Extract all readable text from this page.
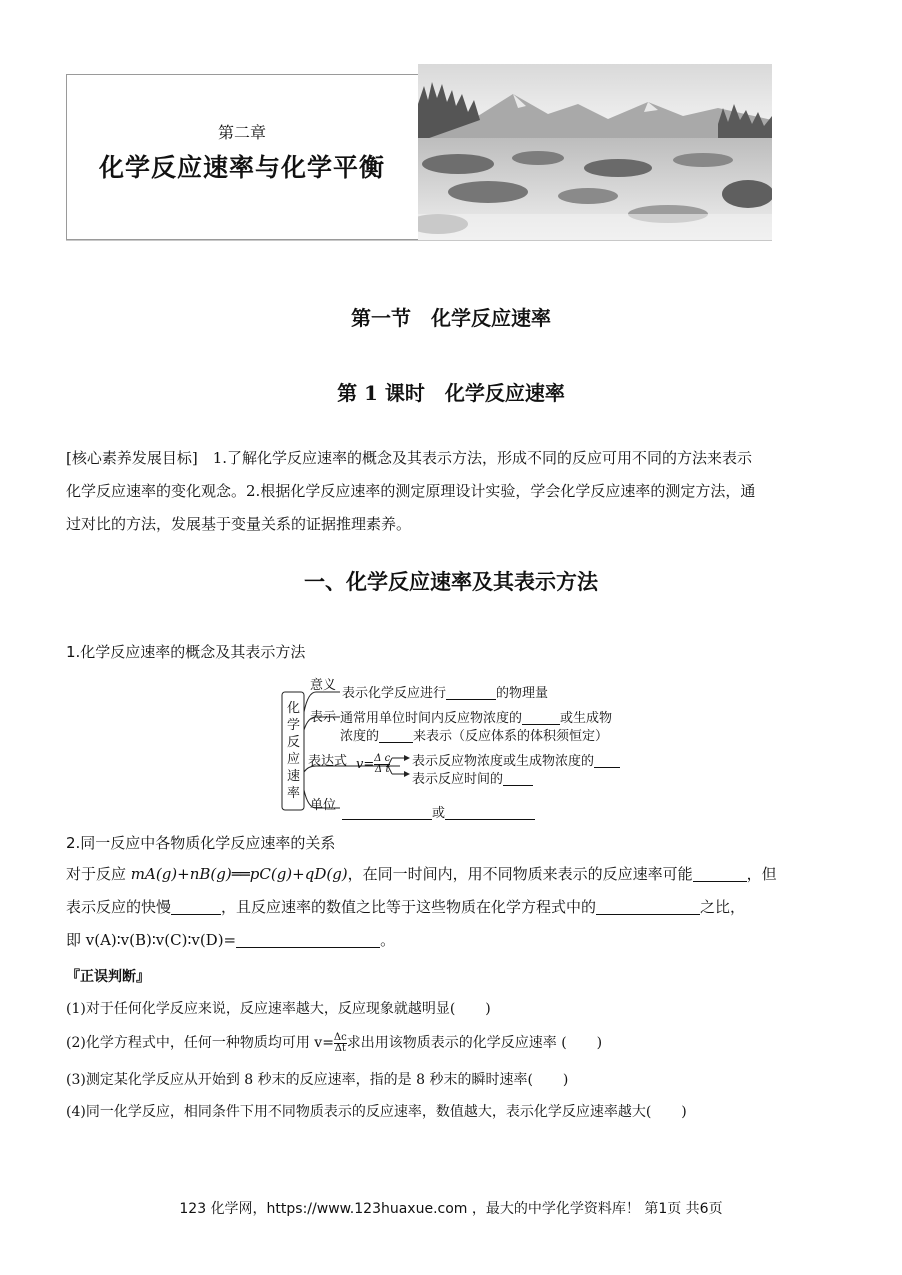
第二章
化学反应速率与化学平衡
第一节　化学反应速率
第 1 课时　化学反应速率
[核心素养发展目标]　1.了解化学反应速率的概念及其表示方法，形成不同的反应可用不同的方法来表示
化学反应速率的变化观念。2.根据化学反应速率的测定原理设计实验，学会化学反应速率的测定方法，通
过对比的方法，发展基于变量关系的证据推理素养。
一、化学反应速率及其表示方法
1.化学反应速率的概念及其表示方法
化
学
反
应
速
率
意义
表示化学反应进行	的物理量
表示 通常用单位时间内反应物浓度的	或生成物
浓度的	来表示（反应体系的体积须恒定）
表达式 $v= \frac{\text{Δ c}}{\text{Δ t}}$ 表示反应物浓度或生成物浓度的
表示反应时间的
单位
或
2.同一反应中各物质化学反应速率的关系
对于反应 mA(g)+nB(g)══pC(g)+qD(g)，在同一时间内，用不同物质来表示的反应速率可能	，但
表示反应的快慢	，且反应速率的数值之比等于这些物质在化学方程式中的	之比，
即 v(A)∶v(B)∶v(C)∶v(D)=	。
『正误判断』
(1)对于任何化学反应来说，反应速率越大，反应现象就越明显( )
(2)化学方程式中，任何一种物质均可用 $v= \frac{\Delta c}{\Delta t}$ 求出用该物质表示的化学反应速率 ( )
(3)测定某化学反应从开始到 8 秒末的反应速率，指的是 8 秒末的瞬时速率( )
(4)同一化学反应，相同条件下用不同物质表示的反应速率，数值越大，表示化学反应速率越大( )
123 化学网，https://www.123huaxue.com ，最大的中学化学资料库！ 第1页 共6页
